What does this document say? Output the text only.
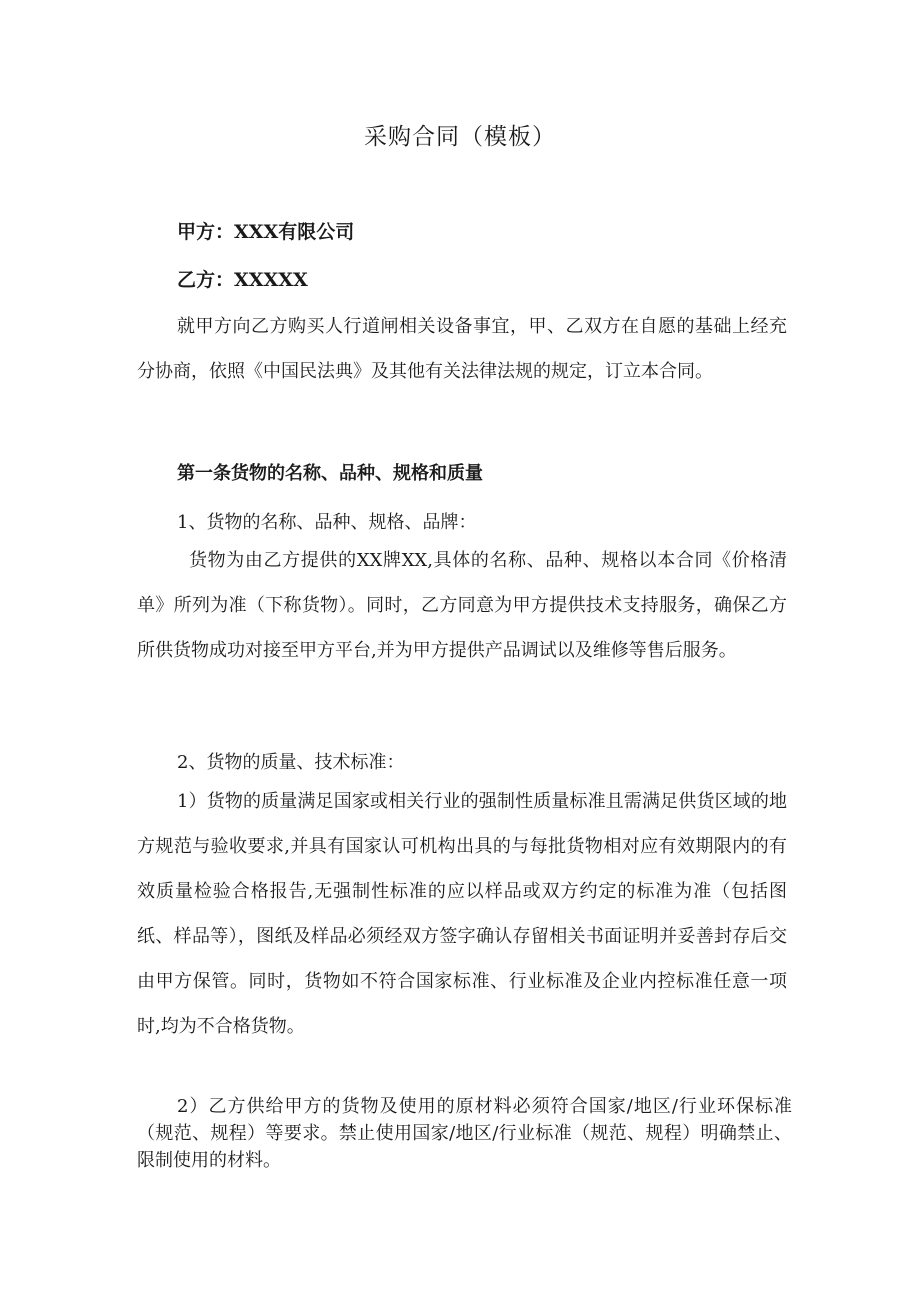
采购合同（模板）

甲方：XXX有限公司

乙方：XXXXX

就甲方向乙方购买人行道闸相关设备事宜，甲、乙双方在自愿的基础上经充分协商，依照《中国民法典》及其他有关法律法规的规定，订立本合同。

第一条货物的名称、品种、规格和质量

1、货物的名称、品种、规格、品牌：

货物为由乙方提供的XX牌XX,具体的名称、品种、规格以本合同《价格清单》所列为准（下称货物）。同时，乙方同意为甲方提供技术支持服务，确保乙方所供货物成功对接至甲方平台,并为甲方提供产品调试以及维修等售后服务。

2、货物的质量、技术标准：

1）货物的质量满足国家或相关行业的强制性质量标准且需满足供货区域的地方规范与验收要求,并具有国家认可机构出具的与每批货物相对应有效期限内的有效质量检验合格报告,无强制性标准的应以样品或双方约定的标准为准（包括图纸、样品等），图纸及样品必须经双方签字确认存留相关书面证明并妥善封存后交由甲方保管。同时，货物如不符合国家标准、行业标准及企业内控标准任意一项时,均为不合格货物。

2）乙方供给甲方的货物及使用的原材料必须符合国家/地区/行业环保标准（规范、规程）等要求。禁止使用国家/地区/行业标准（规范、规程）明确禁止、限制使用的材料。
